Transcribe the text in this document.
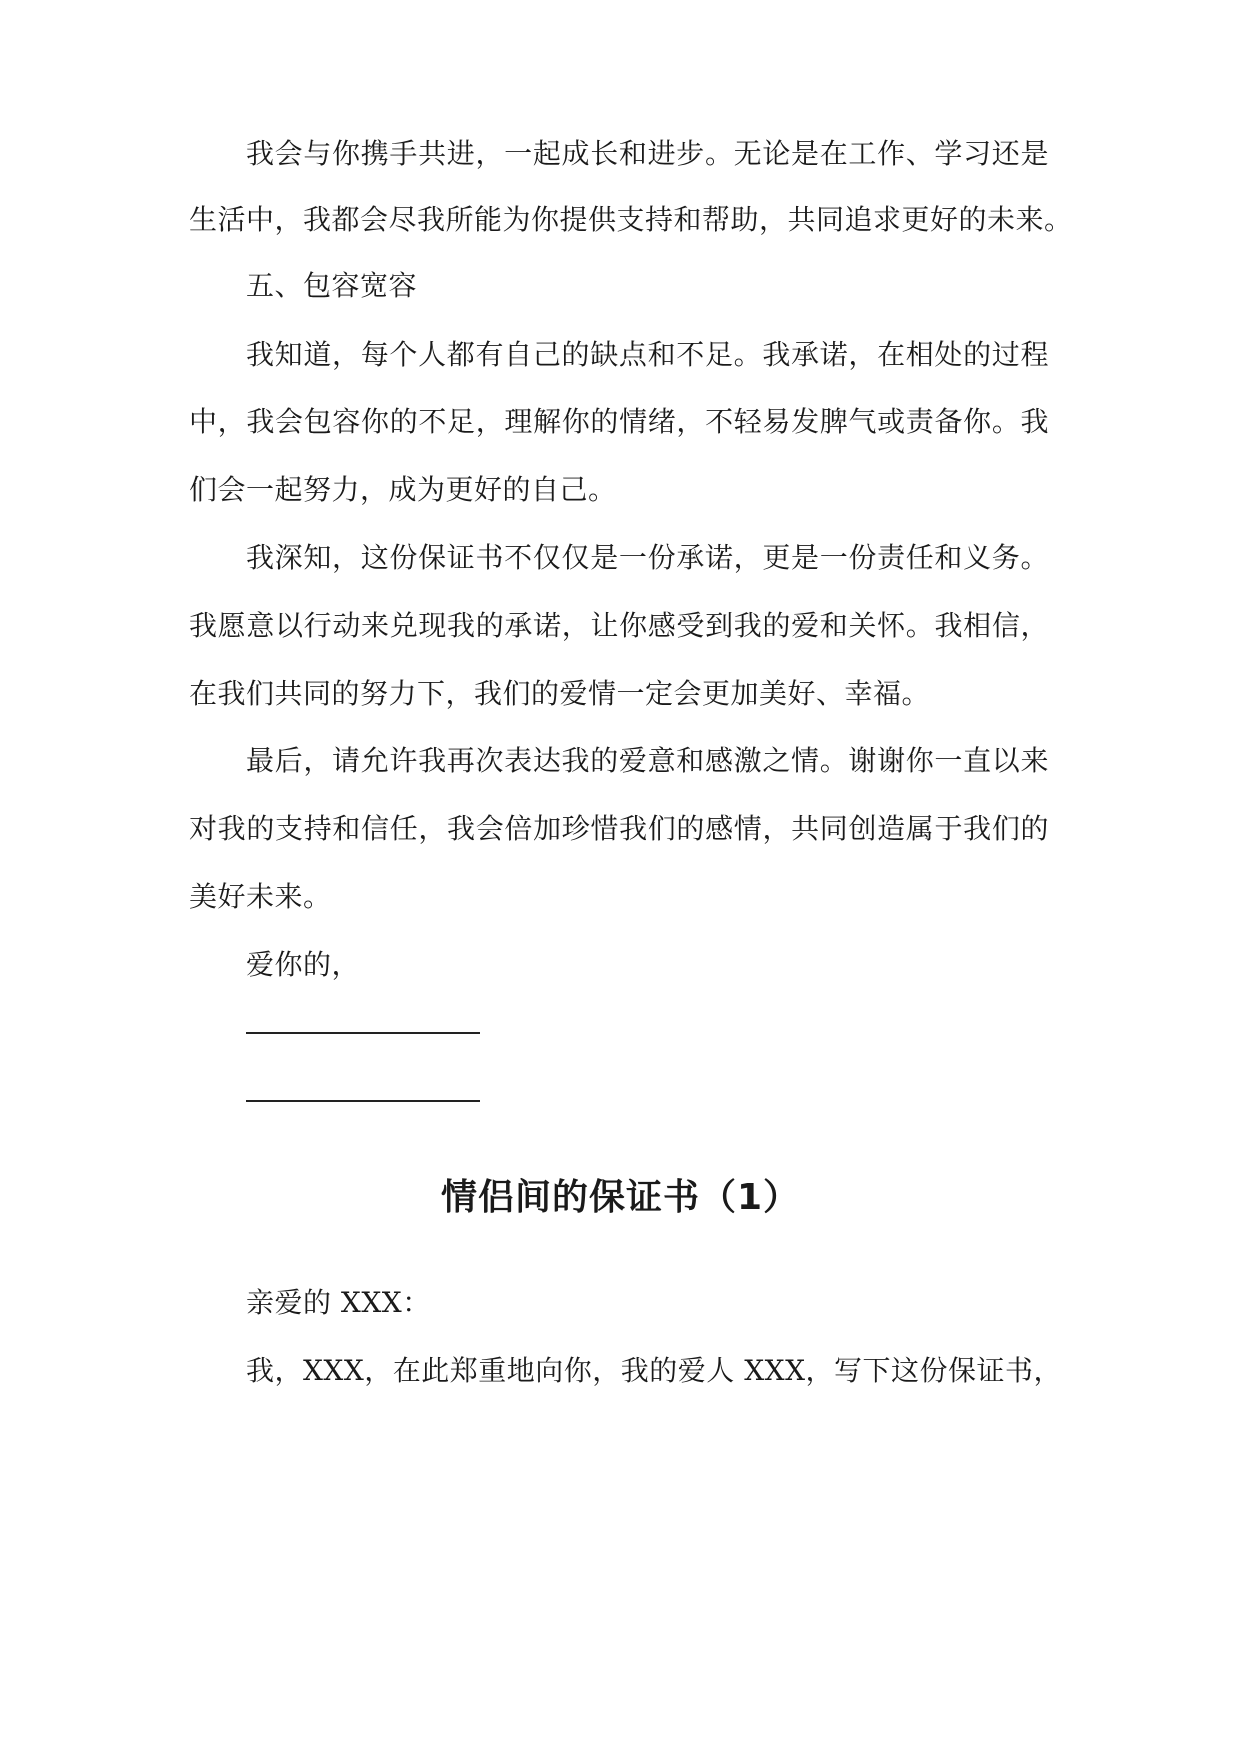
我会与你携手共进，一起成长和进步。无论是在工作、学习还是
生活中，我都会尽我所能为你提供支持和帮助，共同追求更好的未来。
五、包容宽容
我知道，每个人都有自己的缺点和不足。我承诺，在相处的过程
中，我会包容你的不足，理解你的情绪，不轻易发脾气或责备你。我
们会一起努力，成为更好的自己。
我深知，这份保证书不仅仅是一份承诺，更是一份责任和义务。
我愿意以行动来兑现我的承诺，让你感受到我的爱和关怀。我相信，
在我们共同的努力下，我们的爱情一定会更加美好、幸福。
最后，请允许我再次表达我的爱意和感激之情。谢谢你一直以来
对我的支持和信任，我会倍加珍惜我们的感情，共同创造属于我们的
美好未来。
爱你的，
情侣间的保证书（1）
亲爱的 XXX：
我，XXX，在此郑重地向你，我的爱人 XXX，写下这份保证书，
